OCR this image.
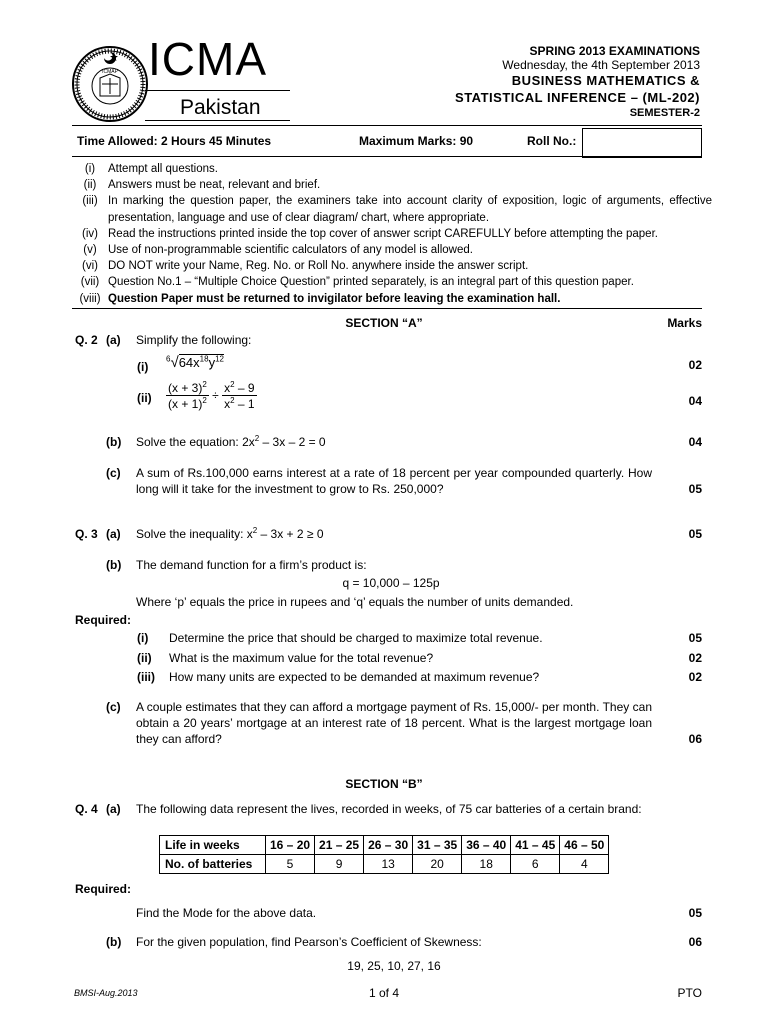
ICMAP ICMA
Pakistan
SPRING 2013 EXAMINATIONS
Wednesday, the 4th September 2013
BUSINESS MATHEMATICS &
STATISTICAL INFERENCE – (ML-202)
SEMESTER-2
Time Allowed: 2 Hours 45 Minutes	Maximum Marks: 90	Roll No.:
(i)	Attempt all questions.
(ii)	Answers must be neat, relevant and brief.
(iii) In marking the question paper, the examiners take into account clarity of exposition, logic of arguments, effective presentation, language and use of clear diagram/ chart, where appropriate.
(iv) Read the instructions printed inside the top cover of answer script CAREFULLY before attempting the paper.
(v) Use of non-programmable scientific calculators of any model is allowed.
(vi) DO NOT write your Name, Reg. No. or Roll No. anywhere inside the answer script.
(vii) Question No.1 – “Multiple Choice Question” printed separately, is an integral part of this question paper.
(viii) Question Paper must be returned to invigilator before leaving the examination hall.
SECTION “A”	Marks
Q. 2 (a) Simplify the following:
(i)
$^6√64x^{18}y^{12}$	02
$(ii) \frac{(x + 3)^2}{(x + 1)^2} \div \frac{x^2 - 9}{x^2 - 1}$	04
(b) Solve the equation: $2x^2 - 3x - 2 = 0$	04
(c) A sum of Rs.100,000 earns interest at a rate of 18 percent per year compounded quarterly. How long will it take for the investment to grow to Rs. 250,000?	05
Q. 3 (a) Solve the inequality: $x^2 - 3x + 2 \ge 0$	05
(b) The demand function for a firm’s product is:
q = 10,000 – 125p
Where ‘p’ equals the price in rupees and ‘q’ equals the number of units demanded.
Required:
(i) Determine the price that should be charged to maximize total revenue.	05
(ii) What is the maximum value for the total revenue?	02
(iii) How many units are expected to be demanded at maximum revenue?	02
(c) A couple estimates that they can afford a mortgage payment of Rs. 15,000/- per month. They can obtain a 20 years’ mortgage at an interest rate of 18 percent. What is the largest mortgage loan they can afford?	06
SECTION “B”
Q. 4 (a) The following data represent the lives, recorded in weeks, of 75 car batteries of a certain brand:
Life in weeks	16 – 20	21 – 25	26 – 30	31 – 35	36 – 40	41 – 45	46 – 50
No. of batteries	5	9	13	20	18	6	4
Required:
Find the Mode for the above data.	05
(b) For the given population, find Pearson’s Coefficient of Skewness:	06
19, 25, 10, 27, 16
BMSI-Aug.2013	1 of 4	PTO
